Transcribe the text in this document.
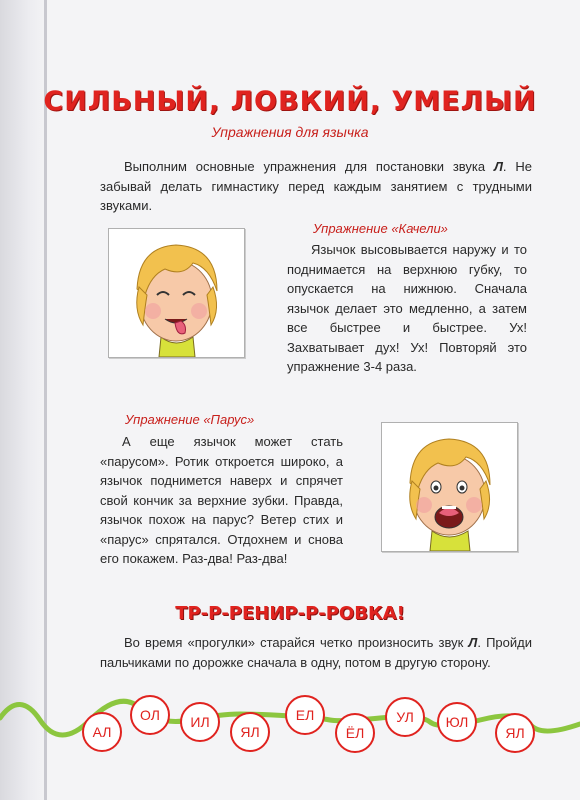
СИЛЬНЫЙ, ЛОВКИЙ, УМЕЛЫЙ
Упражнения для язычка
Выполним основные упражнения для постановки звука Л. Не забывай делать гимнастику перед каждым занятием с трудными звуками.
Упражнение «Качели»
Язычок высовывается наружу и то поднимается на верхнюю губку, то опускается на нижнюю. Сначала язычок делает это медленно, а затем все быстрее и быстрее. Ух! Захватывает дух! Ух! Повторяй это упражнение 3-4 раза.
Упражнение «Парус»
А еще язычок может стать «парусом». Ротик откроется широко, а язычок поднимется наверх и спрячет свой кончик за верхние зубки. Правда, язычок похож на парус? Ветер стих и «парус» спрятался. Отдохнем и снова его покажем. Раз-два! Раз-два!
ТР-Р-РЕНИР-Р-РОВКА!
Во время «прогулки» старайся четко произносить звук Л. Пройди пальчиками по дорожке сначала в одну, потом в другую сторону.
АЛ
ОЛ	ИЛ
ЯЛ
ЕЛ
ЁЛ
УЛ	ЮЛ
ЯЛ
